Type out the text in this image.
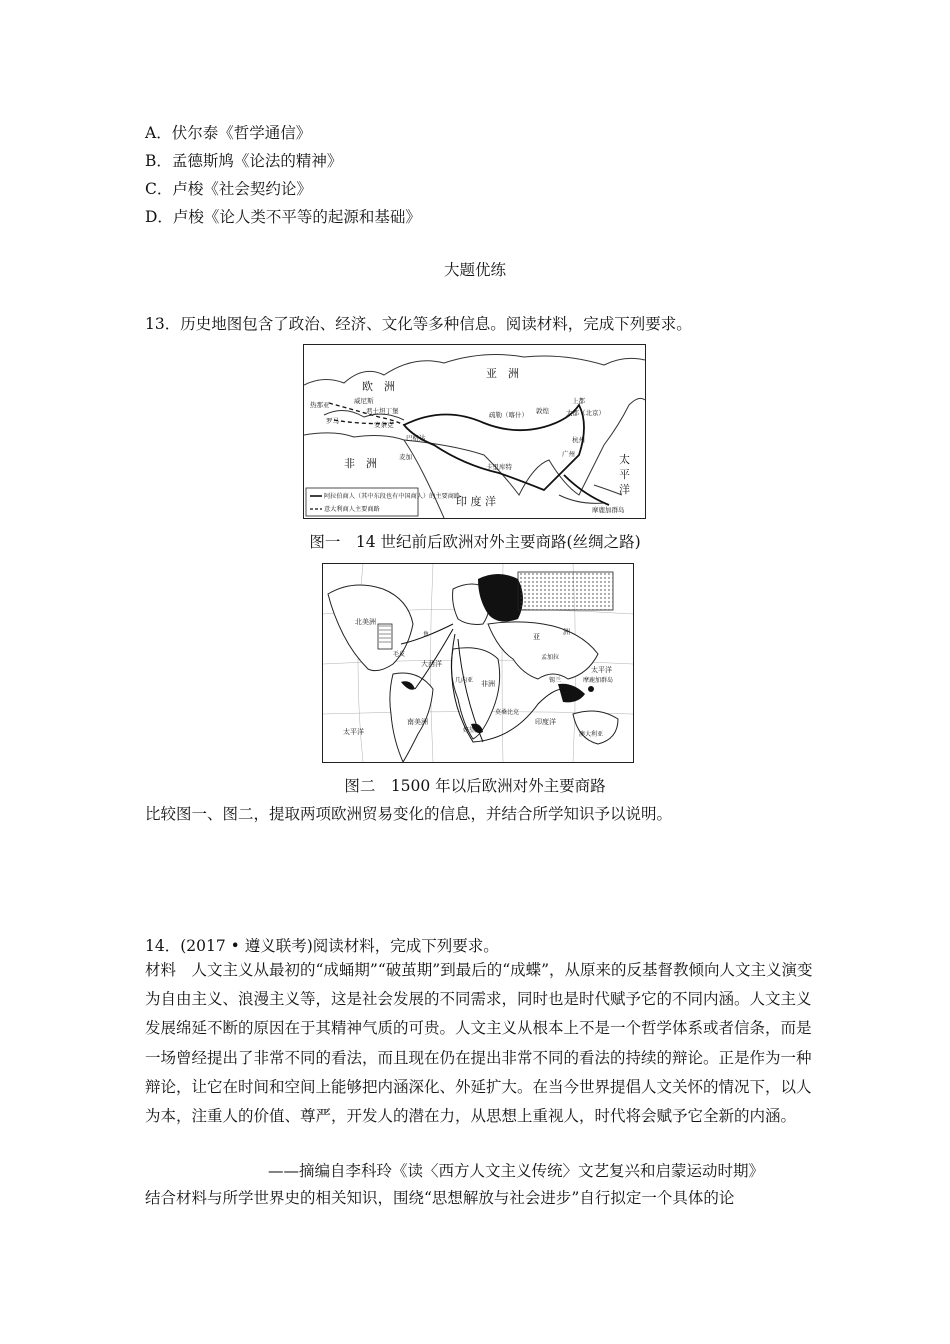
A．伏尔泰《哲学通信》
B．孟德斯鸠《论法的精神》
C．卢梭《社会契约论》
D．卢梭《论人类不平等的起源和基础》
大题优练
13．历史地图包含了政治、经济、文化等多种信息。阅读材料，完成下列要求。
阿拉伯商人（其中东段也有中国商人）的主要商路
意大利商人主要商路
亚　洲
欧　洲
非　洲
印 度 洋
太
平
洋
热那亚	威尼斯
君士坦丁堡
罗马	安条克
巴格达
麦加
疏勒（喀什） 敦煌
上都
大都（北京）
杭州
广州
卡里库特
摩鹿加群岛
图一　14 世纪前后欧洲对外主要商路(丝绸之路)
北美洲
南美洲
大西洋
太平洋
太平洋
印度洋
非洲
几内亚
亚
洲
澳大利亚
摩鹿加群岛
锡兰
孟加拉
莫桑比克
好望角
鱼
毛皮
图二　1500 年以后欧洲对外主要商路
比较图一、图二，提取两项欧洲贸易变化的信息，并结合所学知识予以说明。
14．(2017 • 遵义联考)阅读材料，完成下列要求。
材料　人文主义从最初的“成蛹期”“破茧期”到最后的“成蝶”，从原来的反基督教倾向人文主义演变为自由主义、浪漫主义等，这是社会发展的不同需求，同时也是时代赋予它的不同内涵。人文主义发展绵延不断的原因在于其精神气质的可贵。人文主义从根本上不是一个哲学体系或者信条，而是一场曾经提出了非常不同的看法，而且现在仍在提出非常不同的看法的持续的辩论。正是作为一种辩论，让它在时间和空间上能够把内涵深化、外延扩大。在当今世界提倡人文关怀的情况下，以人为本，注重人的价值、尊严，开发人的潜在力，从思想上重视人，时代将会赋予它全新的内涵。
——摘编自李科玲《读〈西方人文主义传统〉文艺复兴和启蒙运动时期》
结合材料与所学世界史的相关知识，围绕“思想解放与社会进步”自行拟定一个具体的论
